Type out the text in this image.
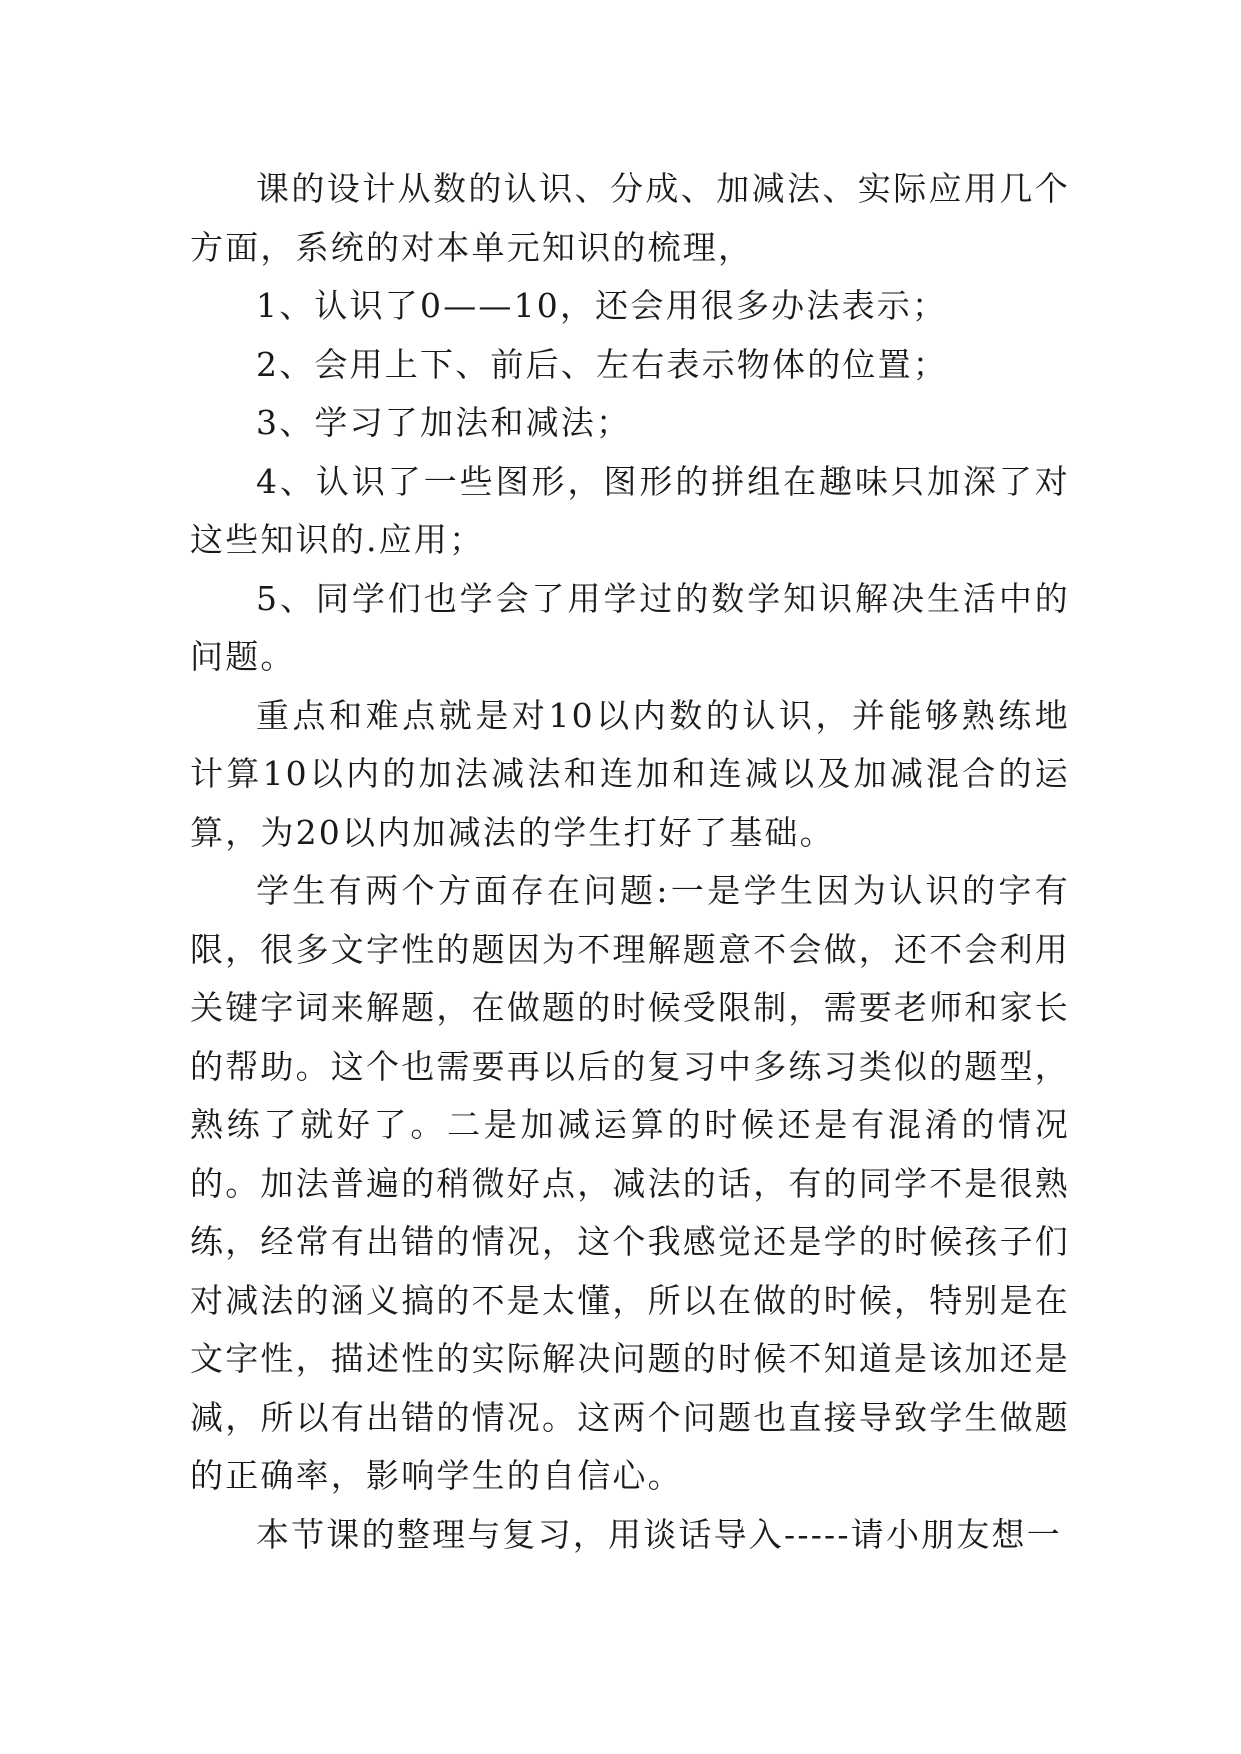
课的设计从数的认识、分成、加减法、实际应用几个方面，系统的对本单元知识的梳理，

1、认识了0——10，还会用很多办法表示；

2、会用上下、前后、左右表示物体的位置；

3、学习了加法和减法；

4、认识了一些图形，图形的拼组在趣味只加深了对这些知识的.应用；

5、同学们也学会了用学过的数学知识解决生活中的问题。

重点和难点就是对10以内数的认识，并能够熟练地计算10以内的加法减法和连加和连减以及加减混合的运算，为20以内加减法的学生打好了基础。

学生有两个方面存在问题:一是学生因为认识的字有限，很多文字性的题因为不理解题意不会做，还不会利用关键字词来解题，在做题的时候受限制，需要老师和家长的帮助。这个也需要再以后的复习中多练习类似的题型，熟练了就好了。二是加减运算的时候还是有混淆的情况的。加法普遍的稍微好点，减法的话，有的同学不是很熟练，经常有出错的情况，这个我感觉还是学的时候孩子们对减法的涵义搞的不是太懂，所以在做的时候，特别是在文字性，描述性的实际解决问题的时候不知道是该加还是减，所以有出错的情况。这两个问题也直接导致学生做题的正确率，影响学生的自信心。

本节课的整理与复习，用谈话导入-----请小朋友想一
